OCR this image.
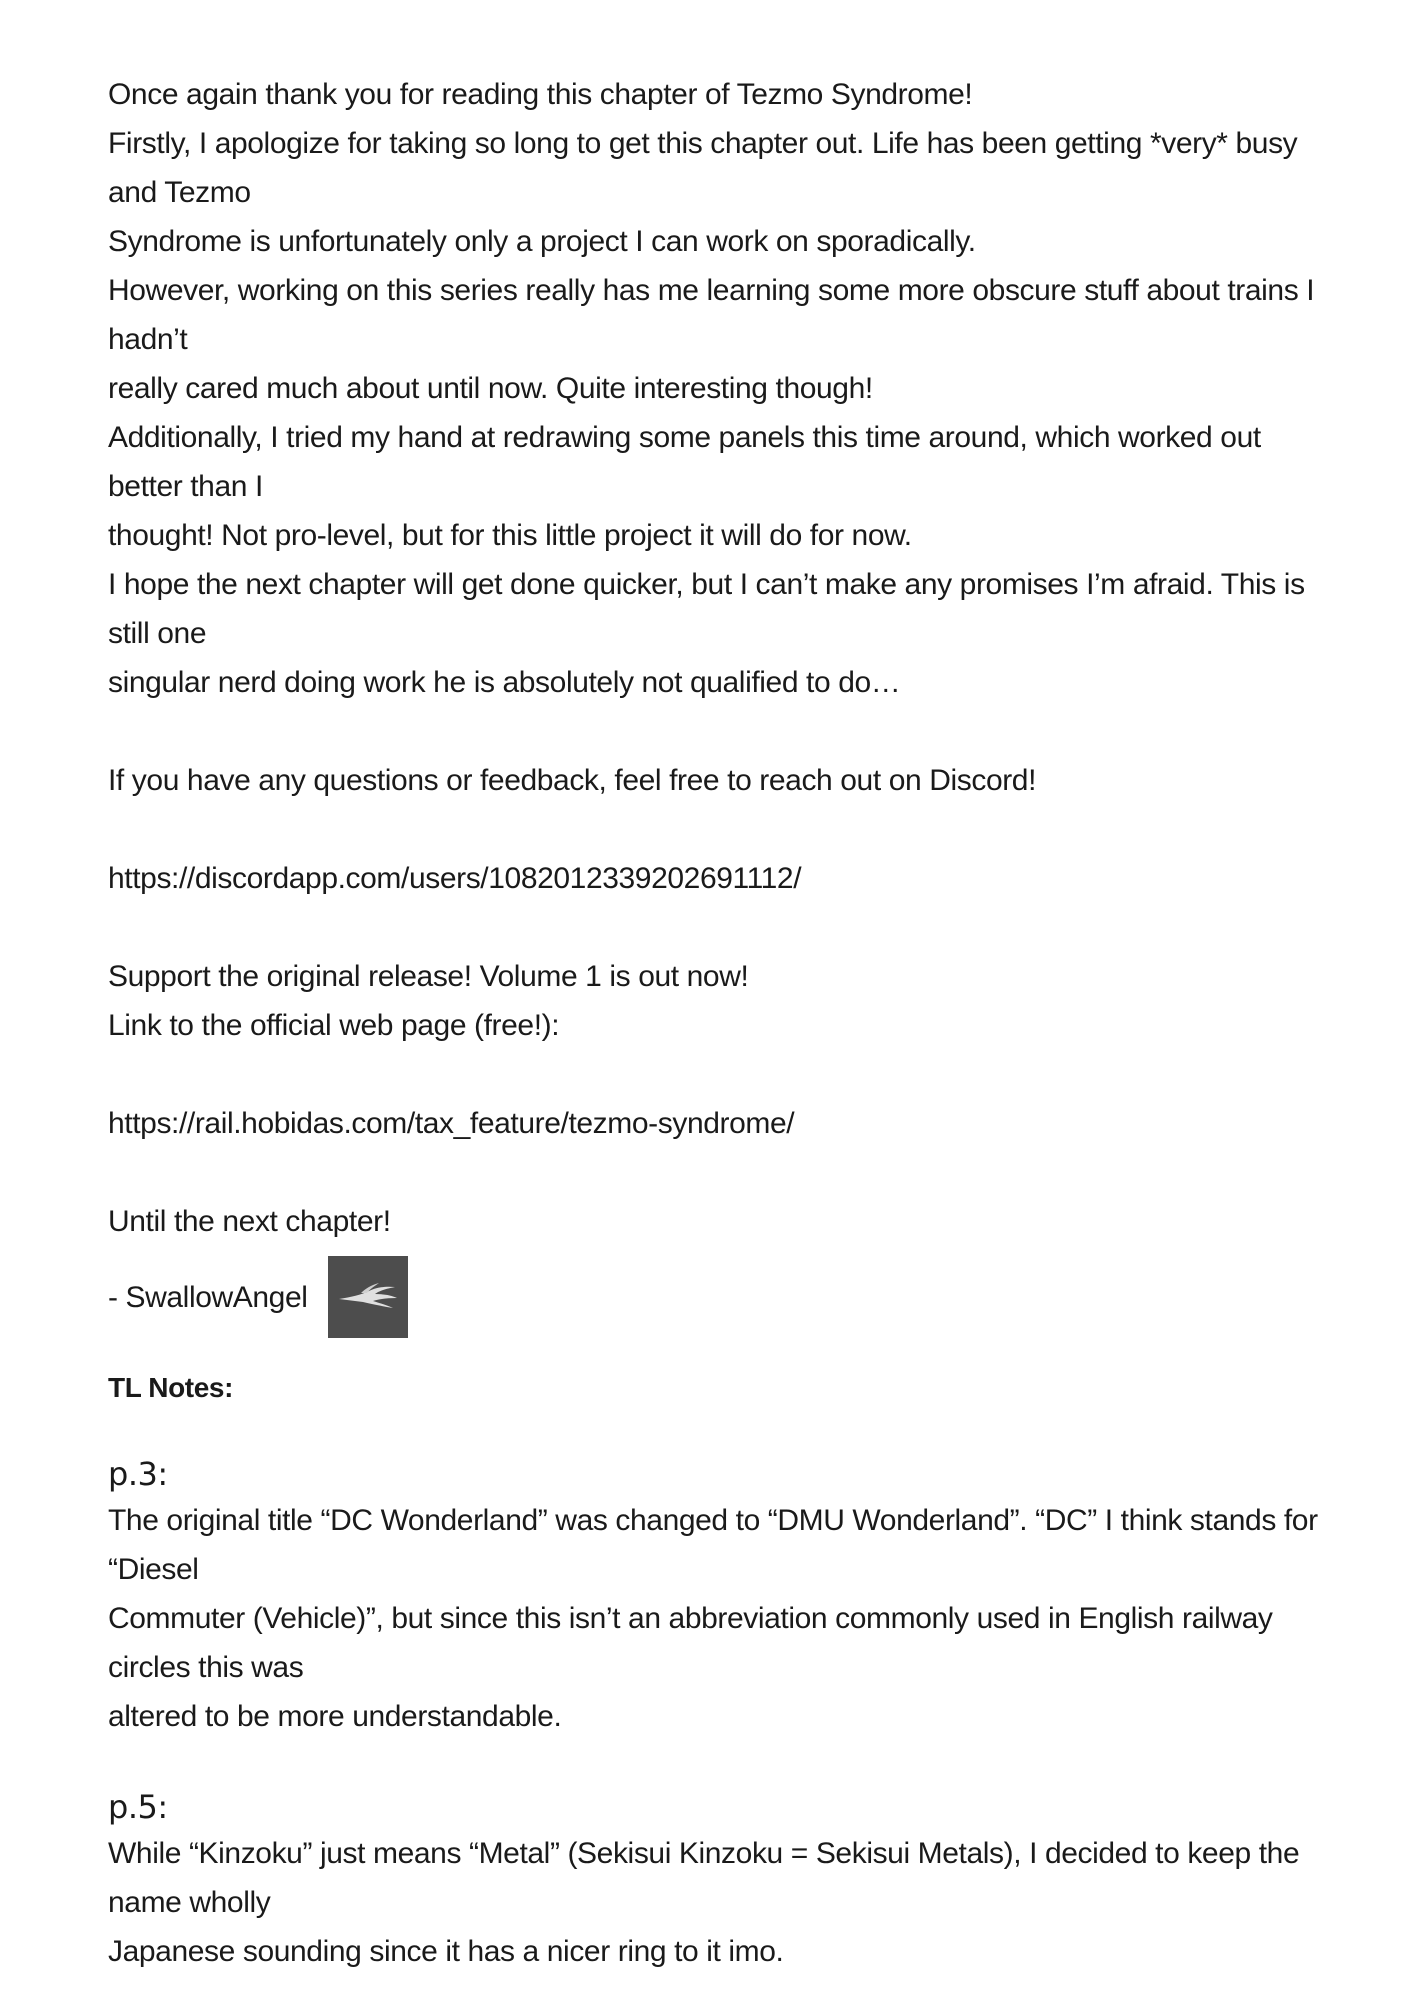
Once again thank you for reading this chapter of Tezmo Syndrome!
Firstly, I apologize for taking so long to get this chapter out. Life has been getting *very* busy and Tezmo
Syndrome is unfortunately only a project I can work on sporadically.
However, working on this series really has me learning some more obscure stuff about trains I hadn’t
really cared much about until now. Quite interesting though!
Additionally, I tried my hand at redrawing some panels this time around, which worked out better than I
thought! Not pro-level, but for this little project it will do for now.
I hope the next chapter will get done quicker, but I can’t make any promises I’m afraid. This is still one
singular nerd doing work he is absolutely not qualified to do…

If you have any questions or feedback, feel free to reach out on Discord!

https://discordapp.com/users/1082012339202691112/

Support the original release! Volume 1 is out now!
Link to the official web page (free!):

https://rail.hobidas.com/tax_feature/tezmo-syndrome/

Until the next chapter!

- SwallowAngel
TL Notes:
p.3:

The original title “DC Wonderland” was changed to “DMU Wonderland”. “DC” I think stands for “Diesel
Commuter (Vehicle)”, but since this isn’t an abbreviation commonly used in English railway circles this was
altered to be more understandable.

p.5:

While “Kinzoku” just means “Metal” (Sekisui Kinzoku = Sekisui Metals), I decided to keep the name wholly
Japanese sounding since it has a nicer ring to it imo.
